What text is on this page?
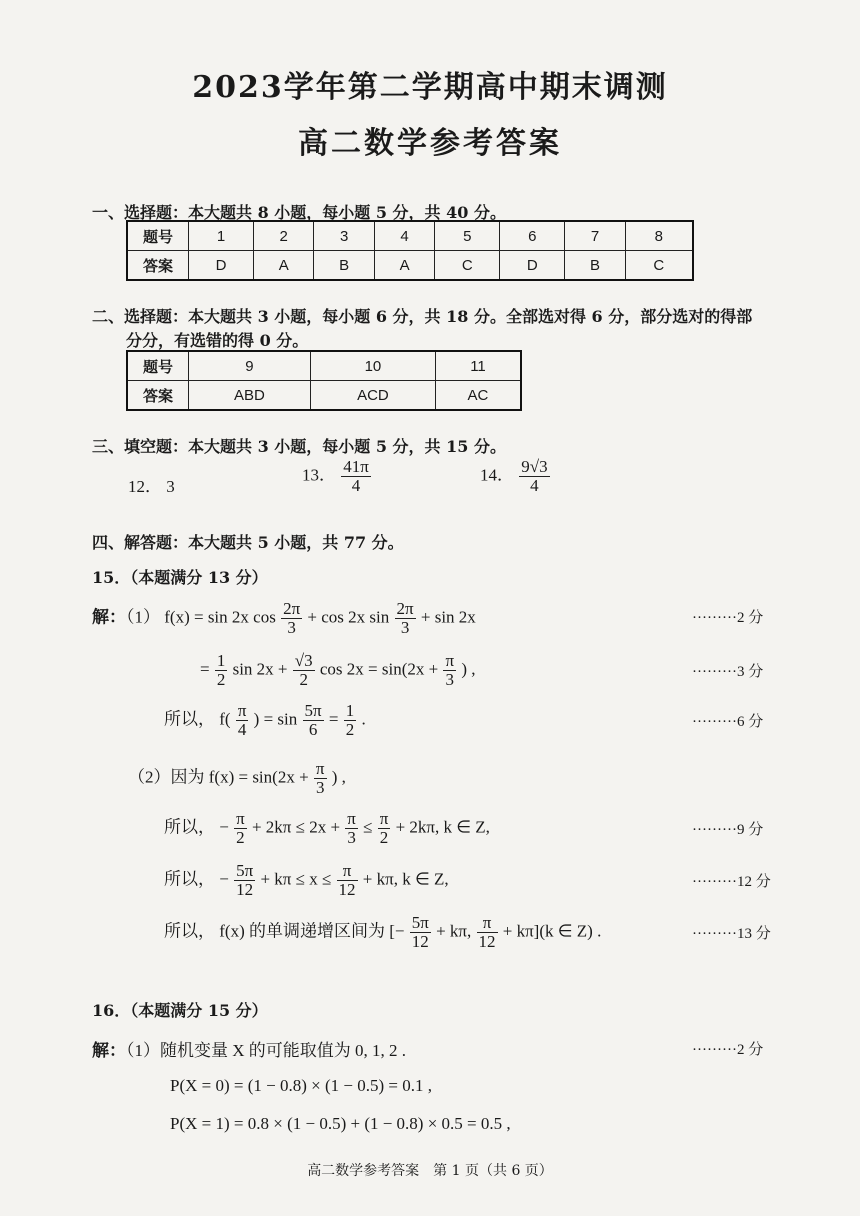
2023学年第二学期高中期末调测
高二数学参考答案
一、选择题：本大题共 8 小题，每小题 5 分，共 40 分。
题号	1	2	3	4	5	6	7	8
答案	D	A	B	A	C	D	B	C
二、选择题：本大题共 3 小题，每小题 6 分，共 18 分。全部选对得 6 分，部分选对的得部
分分，有选错的得 0 分。
题号	9	10	11
答案	ABD	ACD	AC
三、填空题：本大题共 3 小题，每小题 5 分，共 15 分。
12． 3
13． $\frac{41\pi}{4}$	14． $\frac{9√3}{4}$
四、解答题：本大题共 5 小题，共 77 分。
15．（本题满分 13 分）
解：（1） f(x) = sin 2x $\cos \frac{2\pi}{3} + \cos 2x$ $\sin \frac{2\pi}{3} + \sin 2x$	·········2 分
= $\frac{1}{2}$ $\sin 2x + \frac{√3}{2}$ $\cos 2x = \sin(2x + \frac{\pi}{3}$ ) ,	·········3 分
所以， $f( \frac{\pi}{4}$ ) = $\sin \frac{5\pi}{6} = \frac{1}{2}$ .	·········6 分
（2）因为 $f(x) = \sin(2x + \frac{\pi}{3}$ ) ,
所以， − $\frac{\pi}{2} + 2k\pi \le 2x + \frac{\pi}{3} \le \frac{\pi}{2} + 2k\pi$, k ∈ Z,	·········9 分
所以， − $\frac{5\pi}{12} + k\pi \le x \le \frac{\pi}{12} + k\pi$, k ∈ Z,	·········12 分
所以， f(x) 的单调递增区间为 [− $\frac{5\pi}{12} + k\pi$, $\frac{\pi}{12} + k\pi](k$ ∈ Z) .	·········13 分
16．（本题满分 15 分）
解：（1）随机变量 X 的可能取值为 0, 1, 2 .	·········2 分
P(X = 0) = (1 − 0.8) × (1 − 0.5) = 0.1 ,
P(X = 1) = 0.8 × (1 − 0.5) + (1 − 0.8) × 0.5 = 0.5 ,
高二数学参考答案　第 1 页（共 6 页）
